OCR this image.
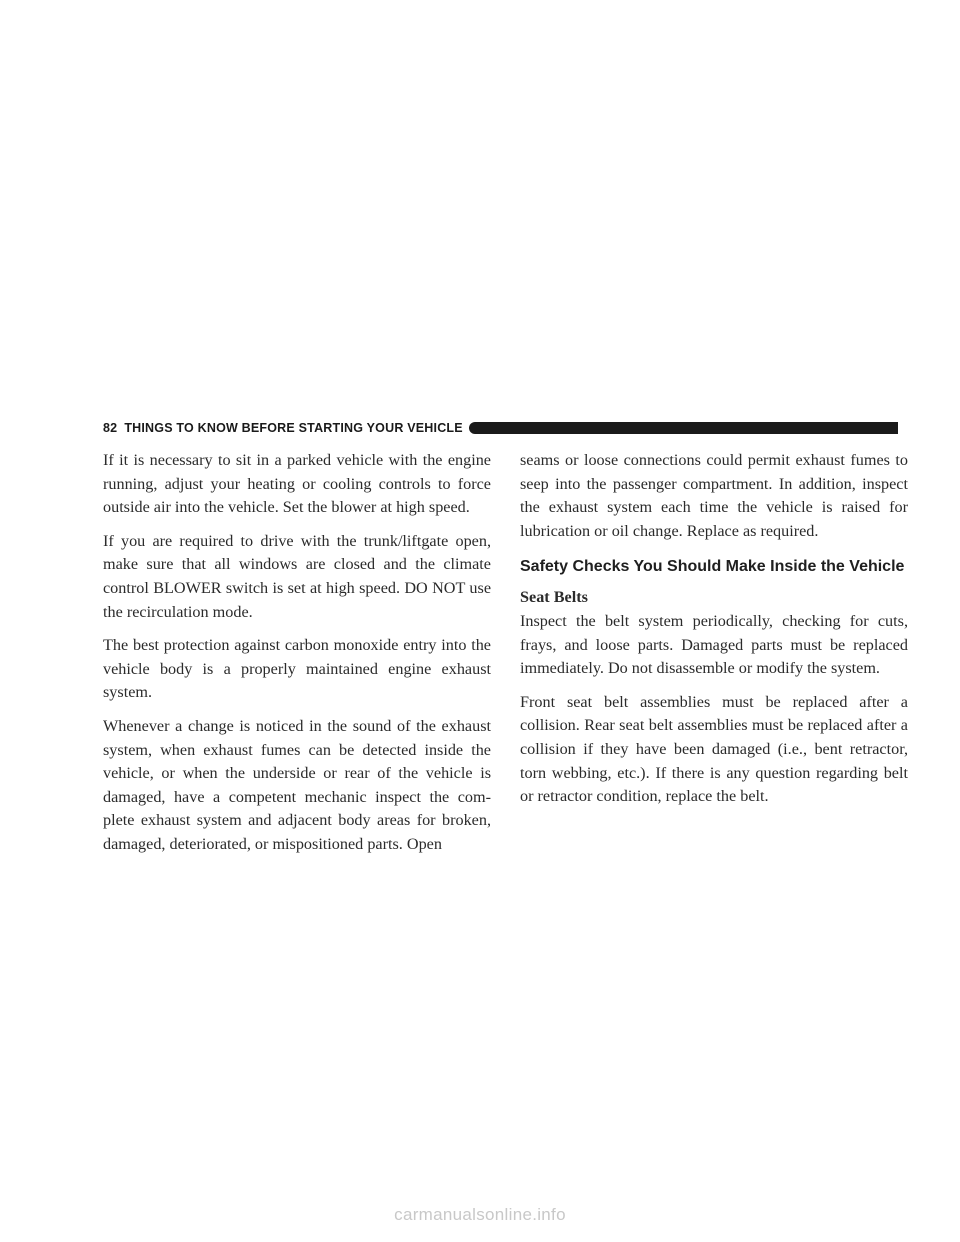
82 THINGS TO KNOW BEFORE STARTING YOUR VEHICLE

If it is necessary to sit in a parked vehicle with the engine running, adjust your heating or cooling controls to force outside air into the vehicle. Set the blower at high speed.

If you are required to drive with the trunk/liftgate open, make sure that all windows are closed and the climate control BLOWER switch is set at high speed. DO NOT use the recirculation mode.

The best protection against carbon monoxide entry into the vehicle body is a properly maintained engine exhaust system.

Whenever a change is noticed in the sound of the exhaust system, when exhaust fumes can be detected inside the vehicle, or when the underside or rear of the vehicle is damaged, have a competent mechanic inspect the com-plete exhaust system and adjacent body areas for broken, damaged, deteriorated, or mispositioned parts. Open

seams or loose connections could permit exhaust fumes to seep into the passenger compartment. In addition, inspect the exhaust system each time the vehicle is raised for lubrication or oil change. Replace as required.

Safety Checks You Should Make Inside the Vehicle
Seat Belts

Inspect the belt system periodically, checking for cuts, frays, and loose parts. Damaged parts must be replaced immediately. Do not disassemble or modify the system.

Front seat belt assemblies must be replaced after a collision. Rear seat belt assemblies must be replaced after a collision if they have been damaged (i.e., bent retractor, torn webbing, etc.). If there is any question regarding belt or retractor condition, replace the belt.

carmanualsonline.info
